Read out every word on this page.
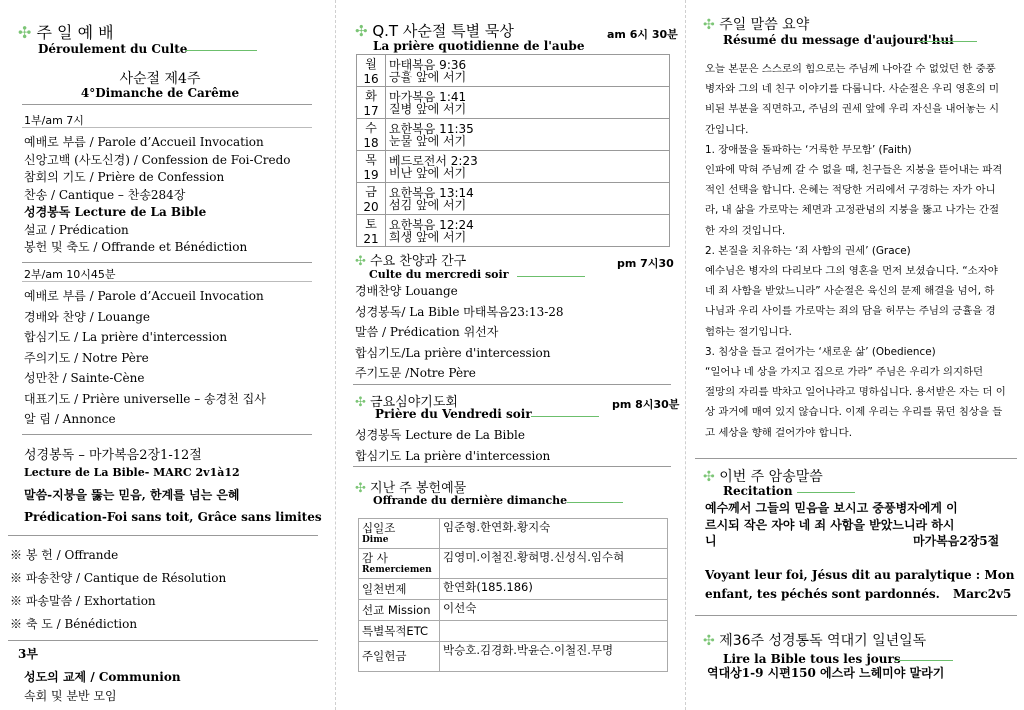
✣ 주 일 예 배
Déroulement du Culte
사순절 제4주
4°Dimanche de Carême
1부/am 7시
예배로 부름 / Parole d’Accueil Invocation
신앙고백 (사도신경) / Confession de Foi-Credo
참회의 기도 / Prière de Confession
찬송 / Cantique – 찬송284장
성경봉독 Lecture de La Bible
설교 / Prédication
봉헌 및 축도 / Offrande et Bénédiction
2부/am 10시45분
예배로 부름 / Parole d’Accueil Invocation
경배와 찬양 / Louange
합심기도 / La prière d'intercession
주의기도 / Notre Père
성만찬 / Sainte-Cène
대표기도 / Prière universelle – 송경천 집사
알 림 / Annonce
성경봉독 – 마가복음2장1-12절
Lecture de La Bible- MARC 2v1à12
말씀-지붕을 뚫는 믿음, 한계를 넘는 은혜
Prédication-Foi sans toit, Grâce sans limites
※ 봉 헌 / Offrande
※ 파송찬양 / Cantique de Résolution
※ 파송말씀 / Exhortation
※ 축 도 / Bénédiction
3부
성도의 교제 / Communion
속회 및 분반 모임
✣ Q.T 사순절 특별 묵상	am 6시 30분
La prière quotidienne de l'aube
월16	마태복음 9:36
긍휼 앞에 서기

화17	마가복음 1:41
질병 앞에 서기

수18	요한복음 11:35
눈물 앞에 서기

목19	베드로전서 2:23
비난 앞에 서기

금20	요한복음 13:14
섬김 앞에 서기

토21	요한복음 12:24
희생 앞에 서기
✣ 수요 찬양과 간구	pm 7시30
Culte du mercredi soir
경배찬양 Louange
성경봉독/ La Bible 마태복음23:13-28
말씀 / Prédication 위선자
합심기도/La prière d'intercession
주기도문 /Notre Père
✣ 금요심야기도회	pm 8시30분
Prière du Vendredi soir
성경봉독 Lecture de La Bible
합심기도 La prière d'intercession
✣ 지난 주 봉헌예물
Offrande du dernière dimanche
십일조
Dime	임준형.한연화.황지숙

감 사
Remerciemen	김영미.이철진.황혀명.신성식.임수혀

일천번제	한연화(185.186)

선교 Mission	이선숙

특별목적ETC	

주일헌금	박승호.김경화.박윤슨.이철진.무명
✣ 주일 말씀 요약
Résumé du message d'aujourd'hui
오늘 본문은 스스로의 힘으로는 주님께 나아갈 수 없었던 한 중풍
병자와 그의 네 친구 이야기를 다룹니다. 사순절은 우리 영혼의 미
비된 부분을 직면하고, 주님의 권세 앞에 우리 자신을 내어놓는 시
간입니다.
1. 장애물을 돌파하는 ‘거룩한 무모함’ (Faith)
인파에 막혀 주님께 갈 수 없을 때, 친구들은 지붕을 뜯어내는 파격
적인 선택을 합니다. 은혜는 적당한 거리에서 구경하는 자가 아니
라, 내 삶을 가로막는 체면과 고정관념의 지붕을 뚫고 나가는 간절
한 자의 것입니다.
2. 본질을 치유하는 ‘죄 사함의 권세’ (Grace)
예수님은 병자의 다리보다 그의 영혼을 먼저 보셨습니다. “소자야
네 죄 사함을 받았느니라” 사순절은 육신의 문제 해결을 넘어, 하
나님과 우리 사이를 가로막는 죄의 담을 허무는 주님의 긍휼을 경
험하는 절기입니다.
3. 침상을 들고 걸어가는 ‘새로운 삶’ (Obedience)
“일어나 네 상을 가지고 집으로 가라” 주님은 우리가 의지하던
절망의 자리를 박차고 일어나라고 명하십니다. 용서받은 자는 더 이
상 과거에 매여 있지 않습니다. 이제 우리는 우리를 묶던 침상을 들
고 세상을 향해 걸어가야 합니다.
✣ 이번 주 암송말씀
Recitation
예수께서 그들의 믿음을 보시고 중풍병자에게 이
르시되 작은 자야 네 죄 사함을 받았느니라 하시
니	마가복음2장5절
Voyant leur foi, Jésus dit au paralytique : Mon
enfant, tes péchés sont pardonnés. Marc2v5
✣ 제36주 성경통독 역대기 일년일독
Lire la Bible tous les jours
역대상1-9 시편150 에스라 느헤미야 말라기
